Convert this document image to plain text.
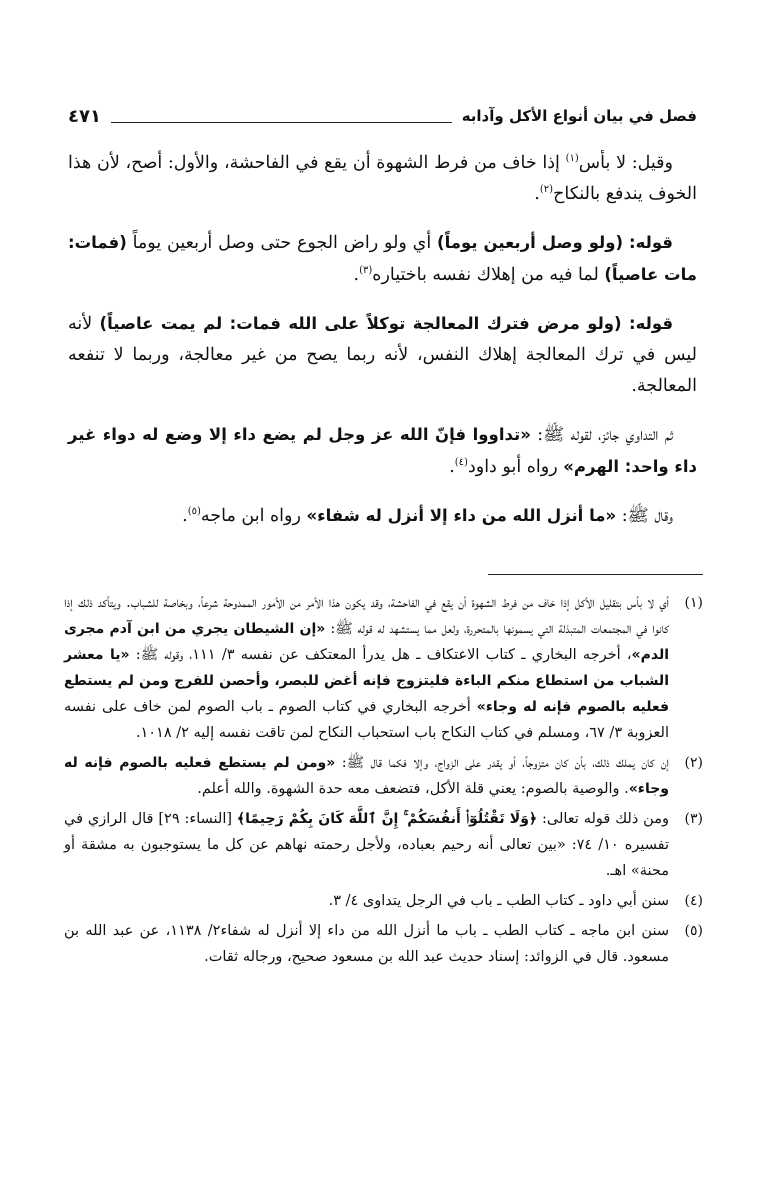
فصل في بيان أنواع الأكل وآدابه
٤٧١

وقيل: لا بأس$^{(١)}$ إذا خاف من فرط الشهوة أن يقع في الفاحشة، والأول: أصح، لأن هذا الخوف يندفع بالنكاح$^{(٢)}$.

قوله: (ولو وصل أربعين يوماً) أي ولو راض الجوع حتى وصل أربعين يوماً (فمات: مات عاصياً) لما فيه من إهلاك نفسه باختياره$^{(٣)}$.

قوله: (ولو مرض فترك المعالجة توكلاً على الله فمات: لم يمت عاصياً) لأنه ليس في ترك المعالجة إهلاك النفس، لأنه ربما يصح من غير معالجة، وربما لا تنفعه المعالجة.

ثم التداوي جائز، لقوله ﷺ: «تداووا فإنّ الله عز وجل لم يضع داء إلا وضع له دواء غير داء واحد: الهرم» رواه أبو داود$^{(٤)}$.

وقال ﷺ: «ما أنزل الله من داء إلا أنزل له شفاء» رواه ابن ماجه$^{(٥)}$.

(١)
أي لا بأس بتقليل الأكل إذا خاف من فرط الشهوة أن يقع في الفاحشة، وقد يكون هذا الأمر من الأمور الممدوحة شرعاً، وبخاصة للشباب. ويتأكد ذلك إذا كانوا في المجتمعات المتبذلة التي يسمونها بالمتحررة، ولعل مما يستشهد له قوله ﷺ: «إن الشيطان يجري من ابن آدم مجرى الدم»، أخرجه البخاري ـ كتاب الاعتكاف ـ هل يدرأ المعتكف عن نفسه ٣/ ١١١، وقوله ﷺ: «يا معشر الشباب من استطاع منكم الباءة فليتزوج فإنه أغض للبصر، وأحصن للفرج ومن لم يستطع فعليه بالصوم فإنه له وجاء» أخرجه البخاري في كتاب الصوم ـ باب الصوم لمن خاف على نفسه العزوبة ٣/ ٦٧، ومسلم في كتاب النكاح باب استحباب النكاح لمن تاقت نفسه إليه ٢/ ١٠١٨.
(٢)
إن كان يملك ذلك، بأن كان متزوجاً، أو يقدر على الزواج، وإلا فكما قال ﷺ: «ومن لم يستطع فعليه بالصوم فإنه له وجاء». والوصية بالصوم: يعني قلة الأكل، فتضعف معه حدة الشهوة. والله أعلم.
(٣)
ومن ذلك قوله تعالى: ﴿وَلَا تَقْتُلُوٓا۟ أَنفُسَكُمْ ۚ إِنَّ ٱللَّهَ كَانَ بِكُمْ رَحِيمًا﴾ [النساء: ٢٩] قال الرازي في تفسيره ١٠/ ٧٤: «بين تعالى أنه رحيم بعباده، ولأجل رحمته نهاهم عن كل ما يستوجبون به مشقة أو محنة» اهـ.
(٤)
سنن أبي داود ـ كتاب الطب ـ باب في الرجل يتداوى ٤/ ٣.
(٥)
سنن ابن ماجه ـ كتاب الطب ـ باب ما أنزل الله من داء إلا أنزل له شفاء٢/ ١١٣٨، عن عبد الله بن مسعود. قال في الزوائد: إسناد حديث عبد الله بن مسعود صحيح، ورجاله ثقات.
